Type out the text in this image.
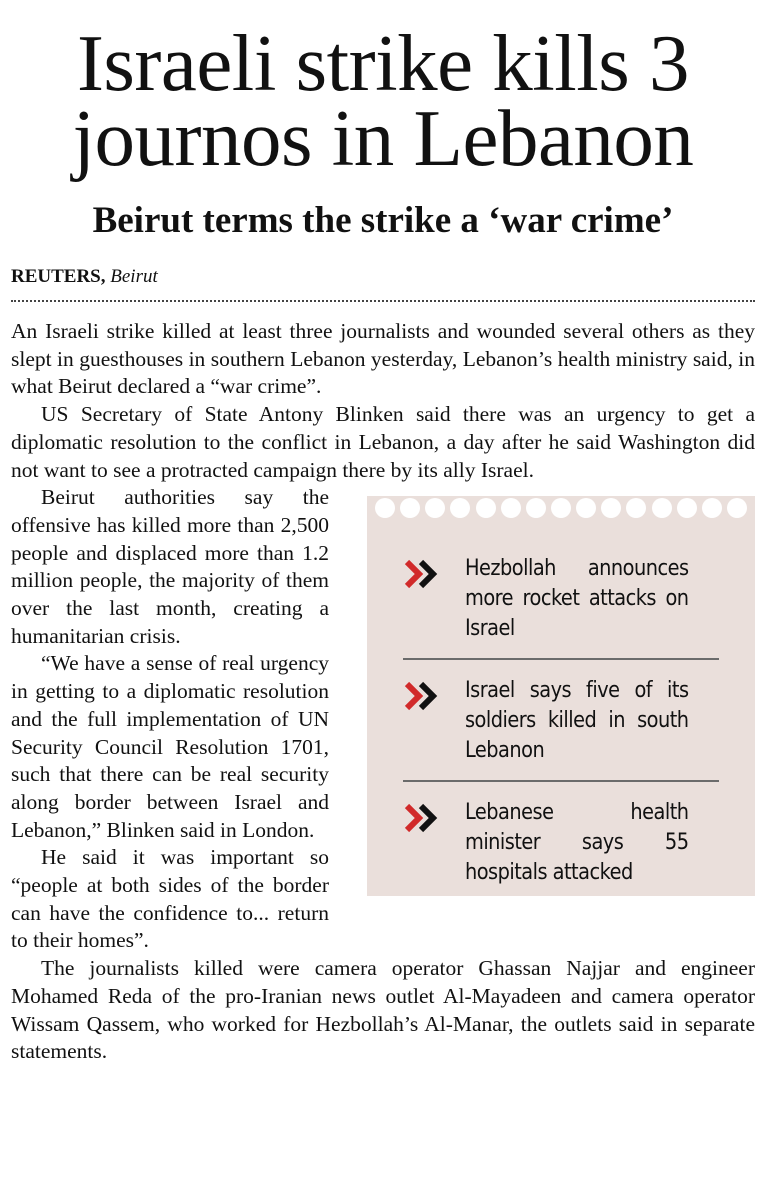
Israeli strike kills 3
journos in Lebanon
Beirut terms the strike a ‘war crime’
REUTERS, Beirut

An Israeli strike killed at least three journalists and wounded several others as they slept in guesthouses in southern Lebanon yesterday, Lebanon’s health ministry said, in what Beirut declared a “war crime”.

US Secretary of State Antony Blinken said there was an urgency to get a diplomatic resolution to the conflict in Lebanon, a day after he said Washington did not want to see a protracted campaign there by its ally Israel.

Hezbollah announces more rocket attacks on Israel
Israel says five of its soldiers killed in south Lebanon
Lebanese health minister says 55 hospitals attacked

Beirut authorities say the offensive has killed more than 2,500 people and displaced more than 1.2 million people, the majority of them over the last month, creating a humanitarian crisis.

“We have a sense of real urgency in getting to a diplomatic resolution and the full implementation of UN Security Council Resolution 1701, such that there can be real security along border between Israel and Lebanon,” Blinken said in London.

He said it was important so “people at both sides of the border can have the confidence to... return to their homes”.

The journalists killed were camera operator Ghassan Najjar and engineer Mohamed Reda of the pro-Iranian news outlet Al-Mayadeen and camera operator Wissam Qassem, who worked for Hezbollah’s Al-Manar, the outlets said in separate statements.
